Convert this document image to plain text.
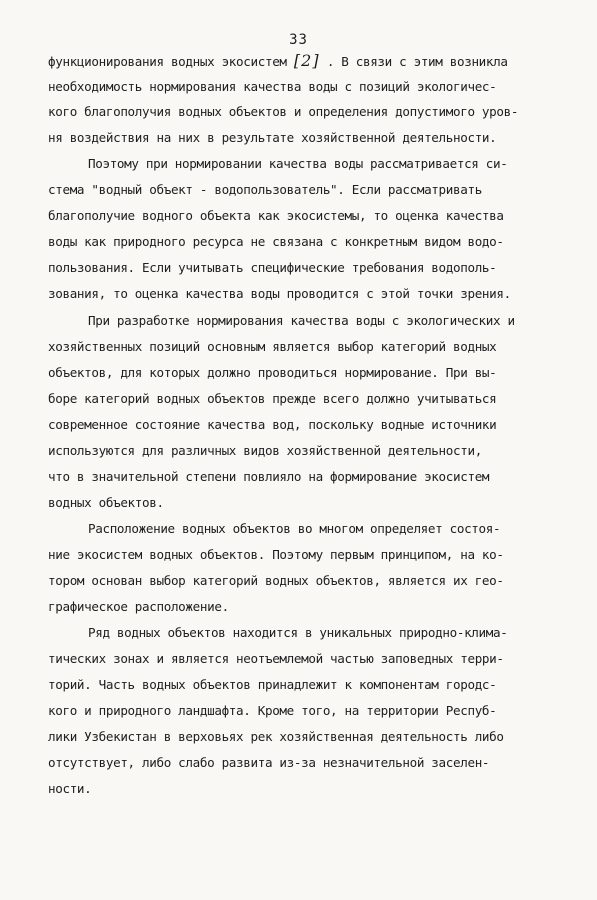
33
функционирования водных экосистем [2] . В связи с этим возникла
необходимость нормирования качества воды с позиций экологичес-
кого благополучия водных объектов и определения допустимого уров-
ня воздействия на них в результате хозяйственной деятельности.
Поэтому при нормировании качества воды рассматривается си-
стема "водный объект - водопользователь". Если рассматривать
благополучие водного объекта как экосистемы, то оценка качества
воды как природного ресурса не связана с конкретным видом водо-
пользования. Если учитывать специфические требования водополь-
зования, то оценка качества воды проводится с этой точки зрения.
При разработке нормирования качества воды с экологических и
хозяйственных позиций основным является выбор категорий водных
объектов, для которых должно проводиться нормирование. При вы-
боре категорий водных объектов прежде всего должно учитываться
современное состояние качества вод, поскольку водные источники
используются для различных видов хозяйственной деятельности,
что в значительной степени повлияло на формирование экосистем
водных объектов.
Расположение водных объектов во многом определяет состоя-
ние экосистем водных объектов. Поэтому первым принципом, на ко-
тором основан выбор категорий водных объектов, является их гео-
графическое расположение.
Ряд водных объектов находится в уникальных природно-клима-
тических зонах и является неотъемлемой частью заповедных терри-
торий. Часть водных объектов принадлежит к компонентам городс-
кого и природного ландшафта. Кроме того, на территории Респуб-
лики Узбекистан в верховьях рек хозяйственная деятельность либо
отсутствует, либо слабо развита из-за незначительной заселен-
ности.
